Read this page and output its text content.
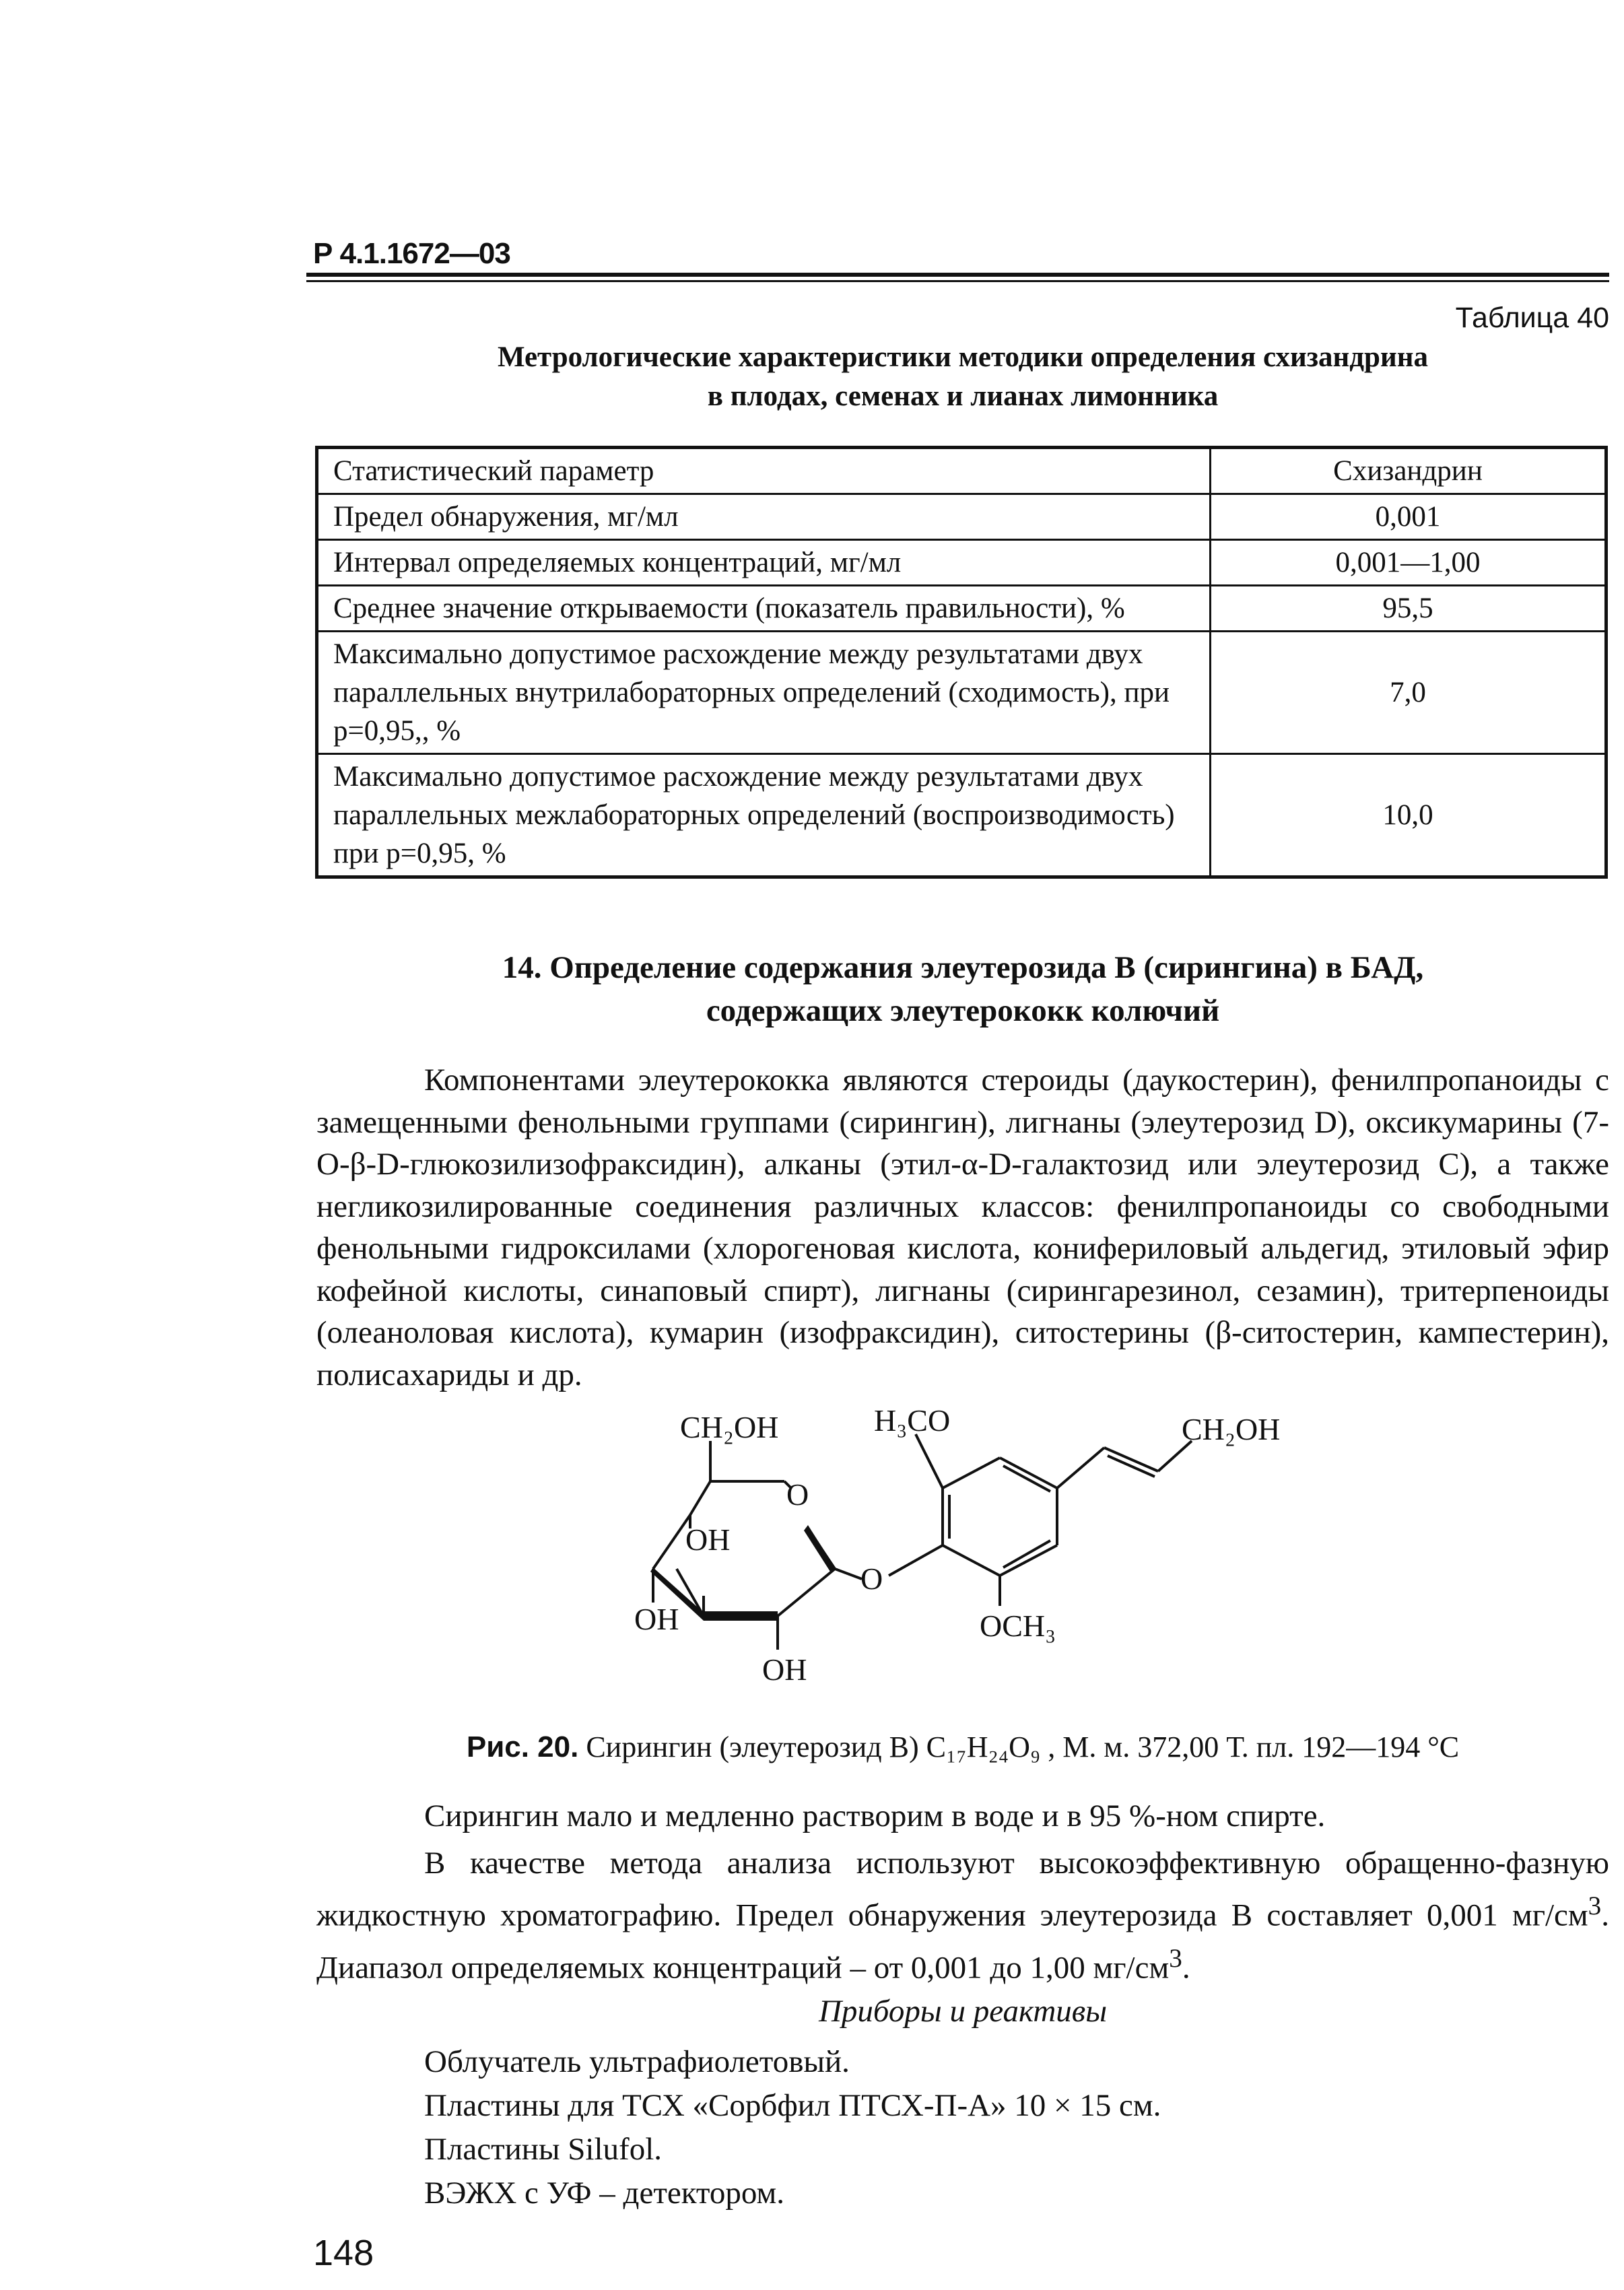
Р 4.1.1672—03
Таблица 40
Метрологические характеристики методики определения схизандрина
в плодах, семенах и лианах лимонника
Статистический параметр	Схизандрин
Предел обнаружения, мг/мл	0,001
Интервал определяемых концентраций, мг/мл	0,001—1,00
Среднее значение открываемости (показатель правильности), %	95,5
Максимально допустимое расхождение между результатами двух параллельных внутрилабораторных определений (сходимость), при р=0,95,, %	7,0
Максимально допустимое расхождение между результатами двух параллельных межлабораторных определений (воспроизводимость) при р=0,95, %	10,0
14. Определение содержания элеутерозида В (сирингина) в БАД,
содержащих элеутерококк колючий

Компонентами элеутерококка являются стероиды (даукостерин), фенилпропаноиды с замещенными фенольными группами (сирингин), лигнаны (элеутерозид D), оксикумарины (7-О-β-D-глюкозилизофраксидин), алканы (этил-α-D-галактозид или элеутерозид С), а также негликозилированные соединения различных классов: фенилпропаноиды со свободными фенольными гидроксилами (хлорогеновая кислота, кониферилoвый альдегид, этиловый эфир кофейной кислоты, синаповый спирт), лигнаны (сирингарезинол, сезамин), тритерпеноиды (олеаноловая кислота), кумарин (изофраксидин), ситостерины (β-ситостерин, кампестерин), полисахариды и др.

CH₂OH
O
OH
OH
OH
O
H₃CO	CH₂OH
OCH₃
Рис. 20. Сирингин (элеутерозид В) C₁₇H₂₄O₉ , М. м. 372,00 Т. пл. 192—194 °С

Сирингин мало и медленно растворим в воде и в 95 %-ном спирте.

В качестве метода анализа используют высокоэффективную обращенно-фазную жидкостную хроматографию. Предел обнаружения элеутерозида В составляет 0,001 $мг/см^3$. Диапазол определяемых концентраций – от 0,001 до 1,00 $мг/см^3$.

Приборы и реактивы
Облучатель ультрафиолетовый.
Пластины для ТСХ «Сорбфил ПТСХ-П-А» 10 × 15 см.
Пластины Silufol.
ВЭЖХ с УФ – детектором.
148
